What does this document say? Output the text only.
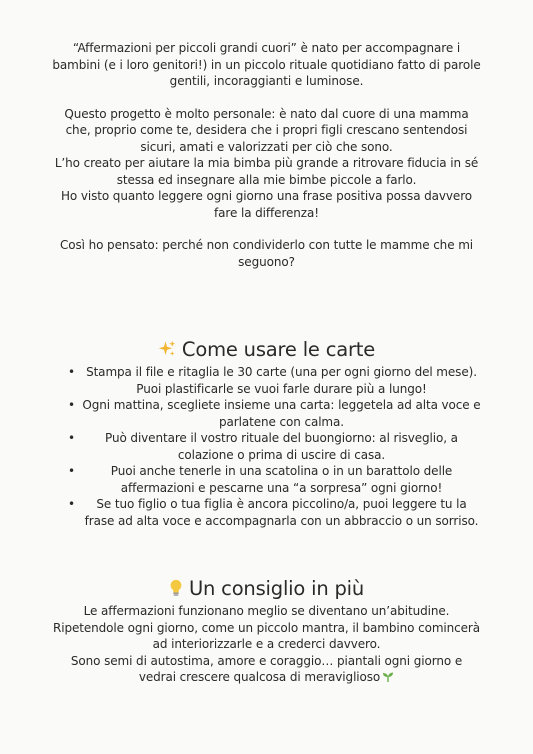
“Affermazioni per piccoli grandi cuori” è nato per accompagnare i bambini (e i loro genitori!) in un piccolo rituale quotidiano fatto di parole gentili, incoraggianti e luminose.

Questo progetto è molto personale: è nato dal cuore di una mamma che, proprio come te, desidera che i propri figli crescano sentendosi sicuri, amati e valorizzati per ciò che sono.

L’ho creato per aiutare la mia bimba più grande a ritrovare fiducia in sé stessa ed insegnare alla mie bimbe piccole a farlo.

Ho visto quanto leggere ogni giorno una frase positiva possa davvero fare la differenza!

Così ho pensato: perché non condividerlo con tutte le mamme che mi seguono?

Come usare le carte
• Stampa il file e ritaglia le 30 carte (una per ogni giorno del mese). Puoi plastificarle se vuoi farle durare più a lungo!
• Ogni mattina, scegliete insieme una carta: leggetela ad alta voce e parlatene con calma.
•	Può diventare il vostro rituale del buongiorno: al risveglio, a colazione o prima di uscire di casa.
•	Puoi anche tenerle in una scatolina o in un barattolo delle affermazioni e pescarne una “a sorpresa” ogni giorno!
• Se tuo figlio o tua figlia è ancora piccolino/a, puoi leggere tu la frase ad alta voce e accompagnarla con un abbraccio o un sorriso.
Un consiglio in più

Le affermazioni funzionano meglio se diventano un’abitudine.

Ripetendole ogni giorno, come un piccolo mantra, il bambino comincerà ad interiorizzarle e a crederci davvero.

Sono semi di autostima, amore e coraggio… piantali ogni giorno e vedrai crescere qualcosa di meraviglioso
